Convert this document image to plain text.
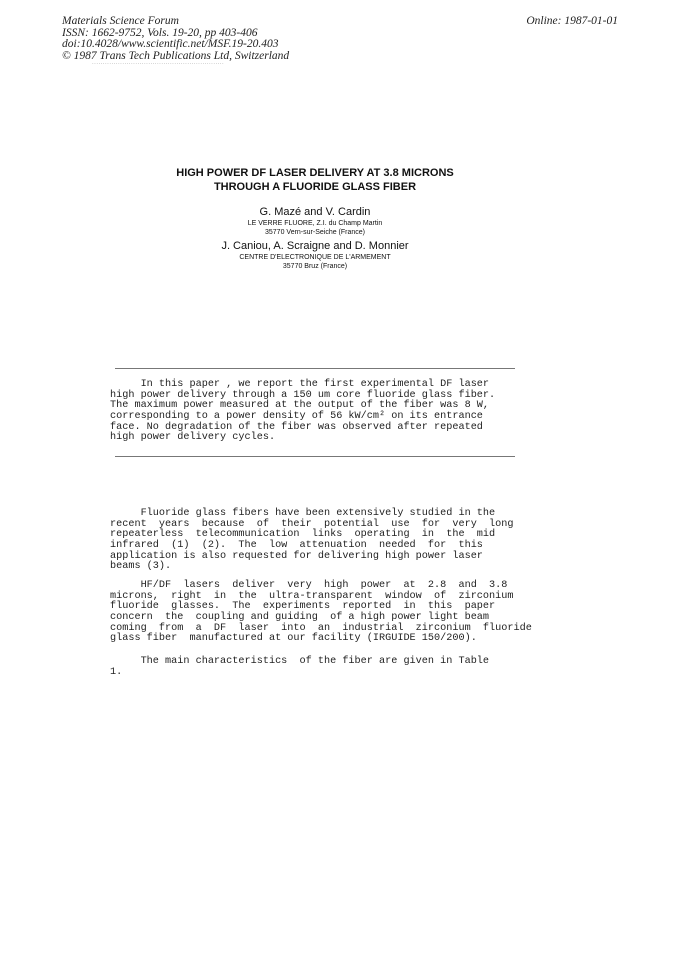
Materials Science Forum
ISSN: 1662-9752, Vols. 19-20, pp 403-406
doi:10.4028/www.scientific.net/MSF.19-20.403
© 1987 Trans Tech Publications Ltd, Switzerland
Online: 1987-01-01
.............................................................
HIGH POWER DF LASER DELIVERY AT 3.8 MICRONS
THROUGH A FLUORIDE GLASS FIBER
G. Mazé and V. Cardin
LE VERRE FLUORE, Z.I. du Champ Martin
35770 Vern-sur-Seiche (France)
J. Caniou, A. Scraigne and D. Monnier
CENTRE D'ELECTRONIQUE DE L'ARMEMENT
35770 Bruz (France)
In this paper , we report the first experimental DF laser
high power delivery through a 150 um core fluoride glass fiber.
The maximum power measured at the output of the fiber was 8 W,
corresponding to a power density of 56 kW/cm² on its entrance
face. No degradation of the fiber was observed after repeated
high power delivery cycles.
Fluoride glass fibers have been extensively studied in the
recent  years  because  of  their  potential  use  for  very  long
repeaterless  telecommunication  links  operating  in  the  mid
infrared  (1)  (2).  The  low  attenuation  needed  for  this
application is also requested for delivering high power laser
beams (3).
HF/DF  lasers  deliver  very  high  power  at  2.8  and  3.8
microns,  right  in  the  ultra-transparent  window  of  zirconium
fluoride  glasses.  The  experiments  reported  in  this  paper
concern  the  coupling and guiding  of a high power light beam
coming  from  a  DF  laser  into  an  industrial  zirconium  fluoride
glass fiber  manufactured at our facility (IRGUIDE 150/200).
The main characteristics  of the fiber are given in Table
1.
